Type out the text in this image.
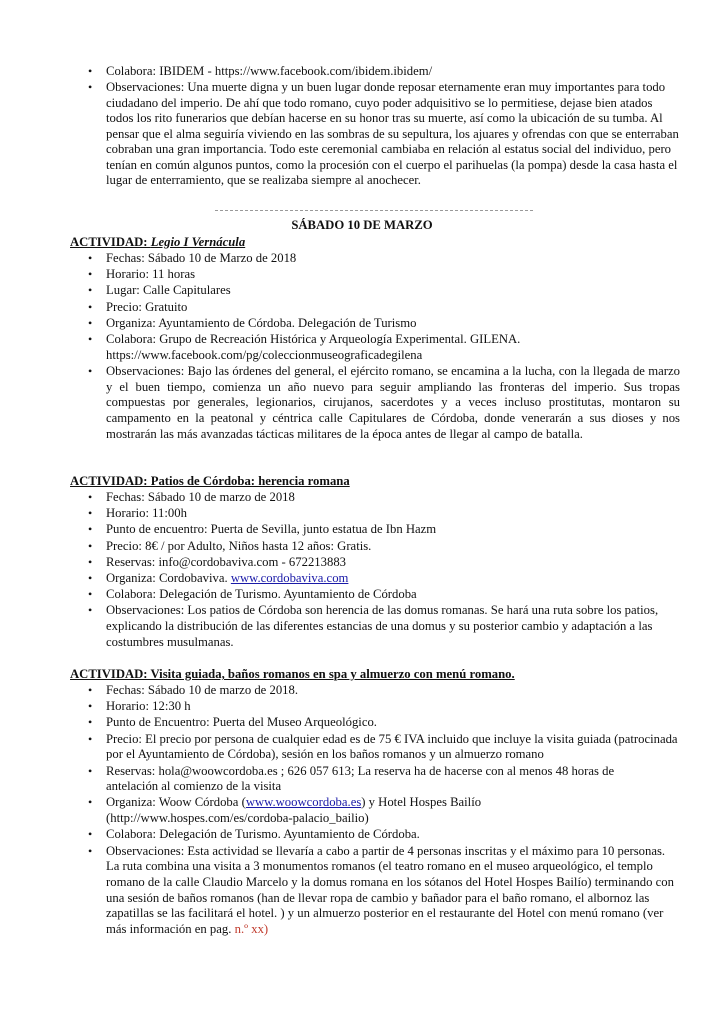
• Colabora: IBIDEM - https://www.facebook.com/ibidem.ibidem/
• Observaciones: Una muerte digna y un buen lugar donde reposar eternamente eran muy importantes para todo ciudadano del imperio. De ahí que todo romano, cuyo poder adquisitivo se lo permitiese, dejase bien atados todos los rito funerarios que debían hacerse en su honor tras su muerte, así como la ubicación de su tumba. Al pensar que el alma seguiría viviendo en las sombras de su sepultura, los ajuares y ofrendas con que se enterraban cobraban una gran importancia. Todo este ceremonial cambiaba en relación al estatus social del individuo, pero tenían en común algunos puntos, como la procesión con el cuerpo el parihuelas (la pompa) desde la casa hasta el lugar de enterramiento, que se realizaba siempre al anochecer.
SÁBADO 10 DE MARZO
ACTIVIDAD: Legio I Vernácula
• Fechas: Sábado 10 de Marzo de 2018
• Horario: 11 horas
• Lugar: Calle Capitulares
• Precio: Gratuito
• Organiza: Ayuntamiento de Córdoba. Delegación de Turismo
• Colabora: Grupo de Recreación Histórica y Arqueología Experimental. GILENA. https://www.facebook.com/pg/coleccionmuseograficadegilena
• Observaciones: Bajo las órdenes del general, el ejército romano, se encamina a la lucha, con la llegada de marzo y el buen tiempo, comienza un año nuevo para seguir ampliando las fronteras del imperio. Sus tropas compuestas por generales, legionarios, cirujanos, sacerdotes y a veces incluso prostitutas, montaron su campamento en la peatonal y céntrica calle Capitulares de Córdoba, donde venerarán a sus dioses y nos mostrarán las más avanzadas tácticas militares de la época antes de llegar al campo de batalla.
ACTIVIDAD: Patios de Córdoba: herencia romana
• Fechas: Sábado 10 de marzo de 2018
• Horario: 11:00h
• Punto de encuentro: Puerta de Sevilla, junto estatua de Ibn Hazm
• Precio: 8€ / por Adulto, Niños hasta 12 años: Gratis.
• Reservas: info@cordobaviva.com - 672213883
• Organiza: Cordobaviva. www.cordobaviva.com
• Colabora: Delegación de Turismo. Ayuntamiento de Córdoba
• Observaciones: Los patios de Córdoba son herencia de las domus romanas. Se hará una ruta sobre los patios, explicando la distribución de las diferentes estancias de una domus y su posterior cambio y adaptación a las costumbres musulmanas.
ACTIVIDAD: Visita guiada, baños romanos en spa y almuerzo con menú romano.
• Fechas: Sábado 10 de marzo de 2018.
• Horario: 12:30 h
• Punto de Encuentro: Puerta del Museo Arqueológico.
• Precio: El precio por persona de cualquier edad es de 75 € IVA incluido que incluye la visita guiada (patrocinada por el Ayuntamiento de Córdoba), sesión en los baños romanos y un almuerzo romano
• Reservas: hola@woowcordoba.es ; 626 057 613; La reserva ha de hacerse con al menos 48 horas de antelación al comienzo de la visita
• Organiza: Woow Córdoba (www.woowcordoba.es) y Hotel Hospes Bailío (http://www.hospes.com/es/cordoba-palacio_bailio)
• Colabora: Delegación de Turismo. Ayuntamiento de Córdoba.
• Observaciones: Esta actividad se llevaría a cabo a partir de 4 personas inscritas y el máximo para 10 personas. La ruta combina una visita a 3 monumentos romanos (el teatro romano en el museo arqueológico, el templo romano de la calle Claudio Marcelo y la domus romana en los sótanos del Hotel Hospes Bailío) terminando con una sesión de baños romanos (han de llevar ropa de cambio y bañador para el baño romano, el albornoz las zapatillas se las facilitará el hotel. ) y un almuerzo posterior en el restaurante del Hotel con menú romano (ver más información en pag. n.º xx)
